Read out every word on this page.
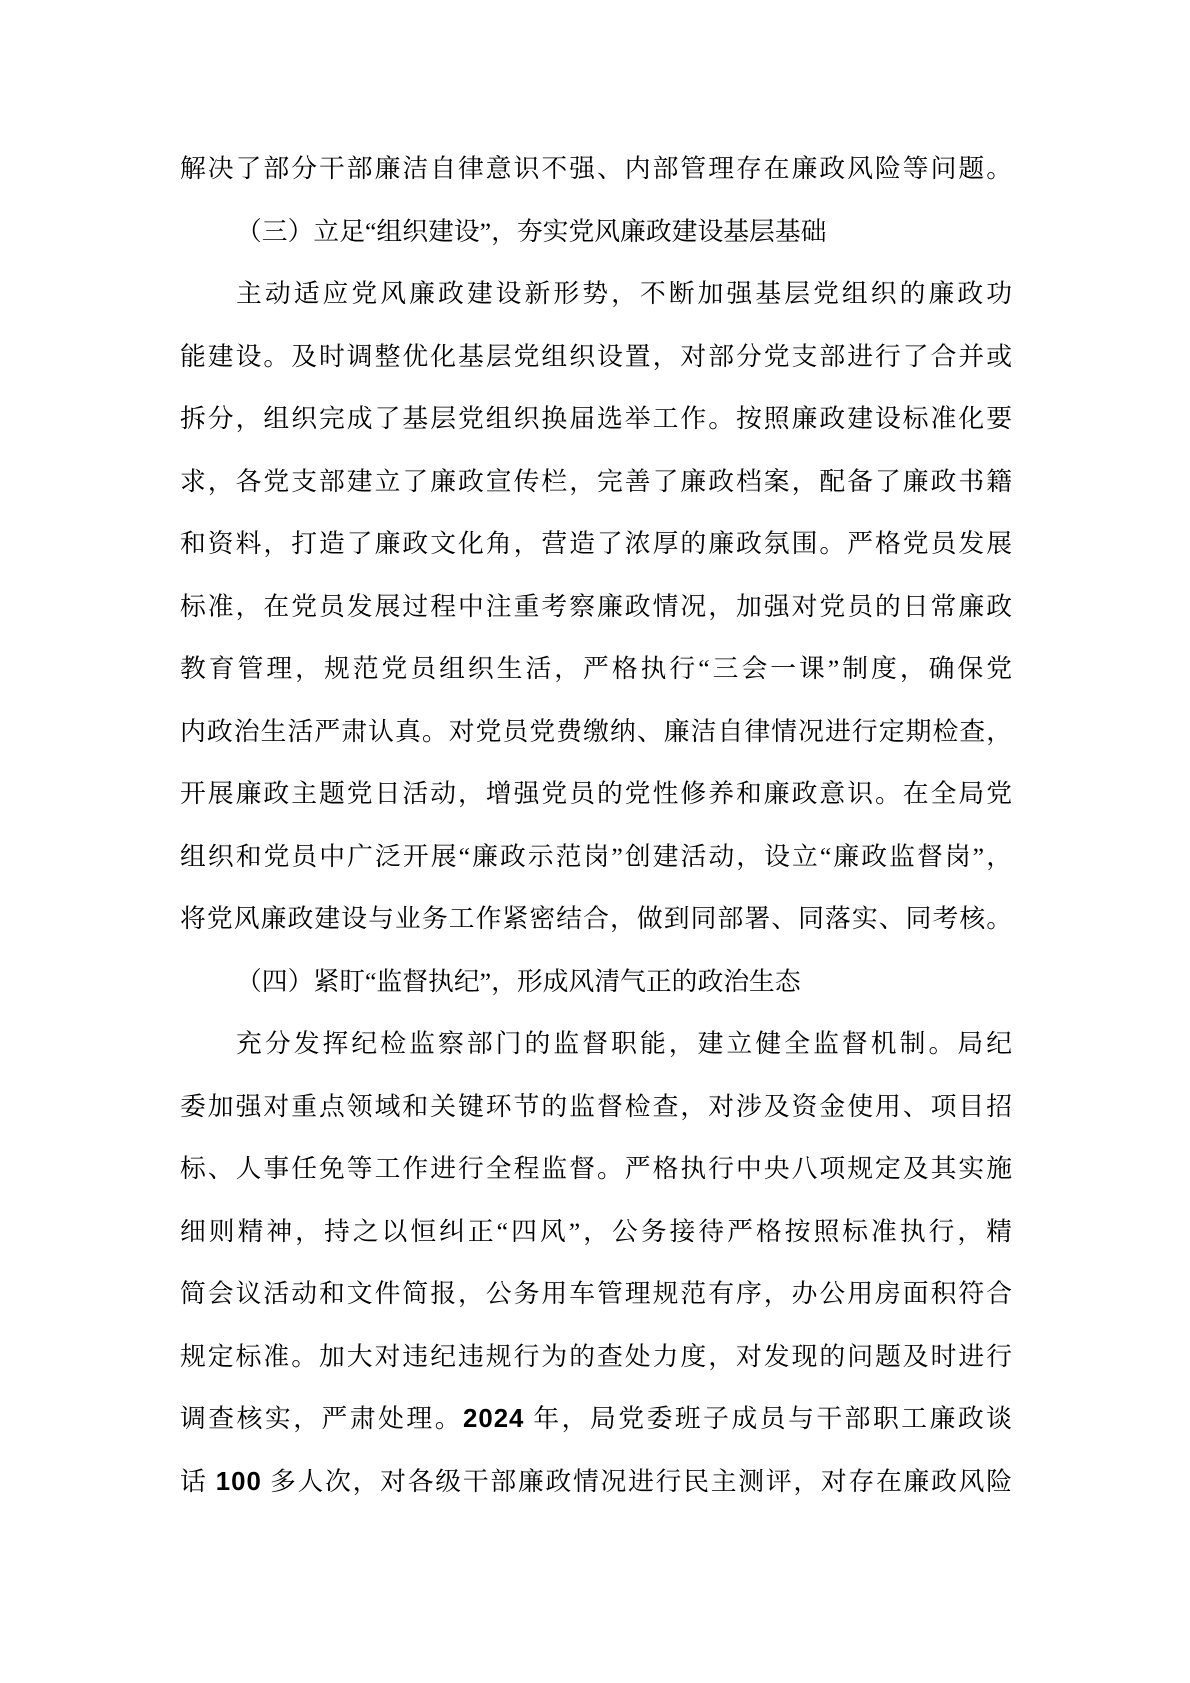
解决了部分干部廉洁自律意识不强、内部管理存在廉政风险等问题。
（三）立足“组织建设”，夯实党风廉政建设基层基础
主动适应党风廉政建设新形势，不断加强基层党组织的廉政功
能建设。及时调整优化基层党组织设置，对部分党支部进行了合并或
拆分，组织完成了基层党组织换届选举工作。按照廉政建设标准化要
求，各党支部建立了廉政宣传栏，完善了廉政档案，配备了廉政书籍
和资料，打造了廉政文化角，营造了浓厚的廉政氛围。严格党员发展
标准，在党员发展过程中注重考察廉政情况，加强对党员的日常廉政
教育管理，规范党员组织生活，严格执行“三会一课”制度，确保党
内政治生活严肃认真。对党员党费缴纳、廉洁自律情况进行定期检查，
开展廉政主题党日活动，增强党员的党性修养和廉政意识。在全局党
组织和党员中广泛开展“廉政示范岗”创建活动，设立“廉政监督岗”，
将党风廉政建设与业务工作紧密结合，做到同部署、同落实、同考核。
（四）紧盯“监督执纪”，形成风清气正的政治生态
充分发挥纪检监察部门的监督职能，建立健全监督机制。局纪
委加强对重点领域和关键环节的监督检查，对涉及资金使用、项目招
标、人事任免等工作进行全程监督。严格执行中央八项规定及其实施
细则精神，持之以恒纠正“四风”，公务接待严格按照标准执行，精
简会议活动和文件简报，公务用车管理规范有序，办公用房面积符合
规定标准。加大对违纪违规行为的查处力度，对发现的问题及时进行
调查核实，严肃处理。2024 年，局党委班子成员与干部职工廉政谈
话 100 多人次，对各级干部廉政情况进行民主测评，对存在廉政风险
